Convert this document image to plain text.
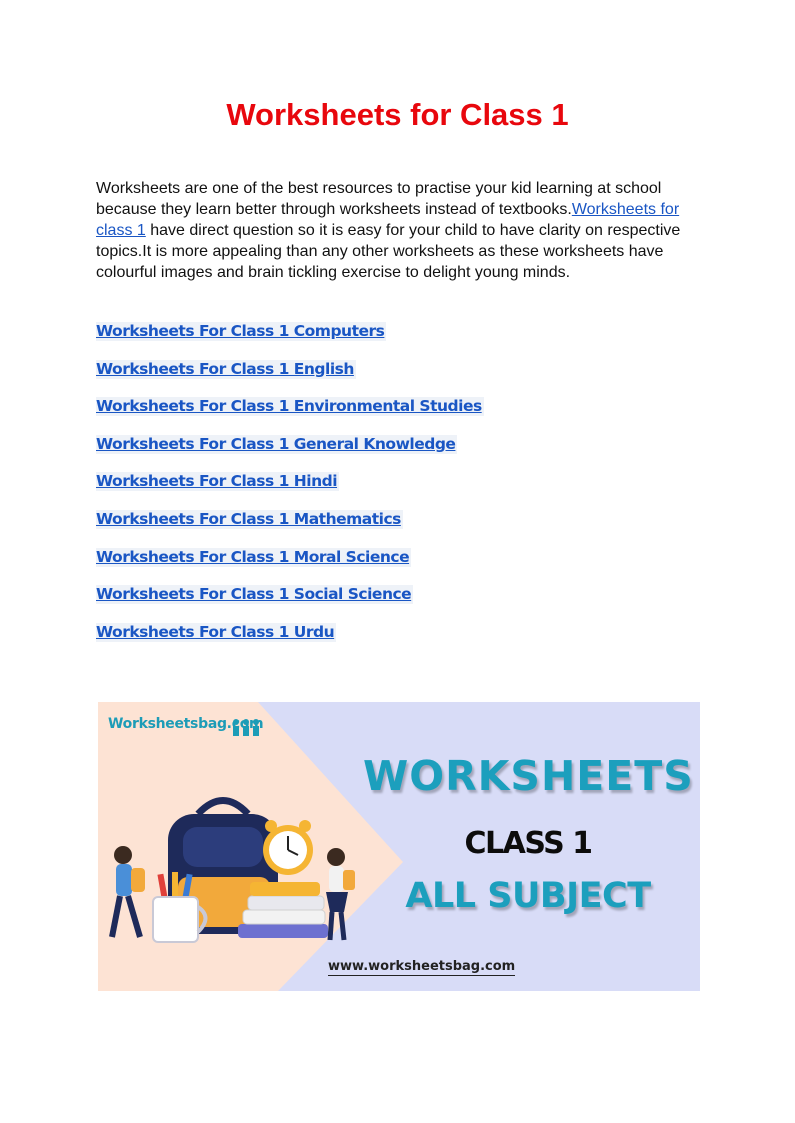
Worksheets for Class 1

Worksheets are one of the best resources to practise your kid learning at school because they learn better through worksheets instead of textbooks.Worksheets for class 1 have direct question so it is easy for your child to have clarity on respective topics.It is more appealing than any other worksheets as these worksheets have colourful images and brain tickling exercise to delight young minds.

Worksheets For Class 1 Computers
Worksheets For Class 1 English
Worksheets For Class 1 Environmental Studies
Worksheets For Class 1 General Knowledge
Worksheets For Class 1 Hindi
Worksheets For Class 1 Mathematics
Worksheets For Class 1 Moral Science
Worksheets For Class 1 Social Science
Worksheets For Class 1 Urdu
Worksheetsbag.com
WORKSHEETS
CLASS 1
ALL SUBJECT
www.worksheetsbag.com
